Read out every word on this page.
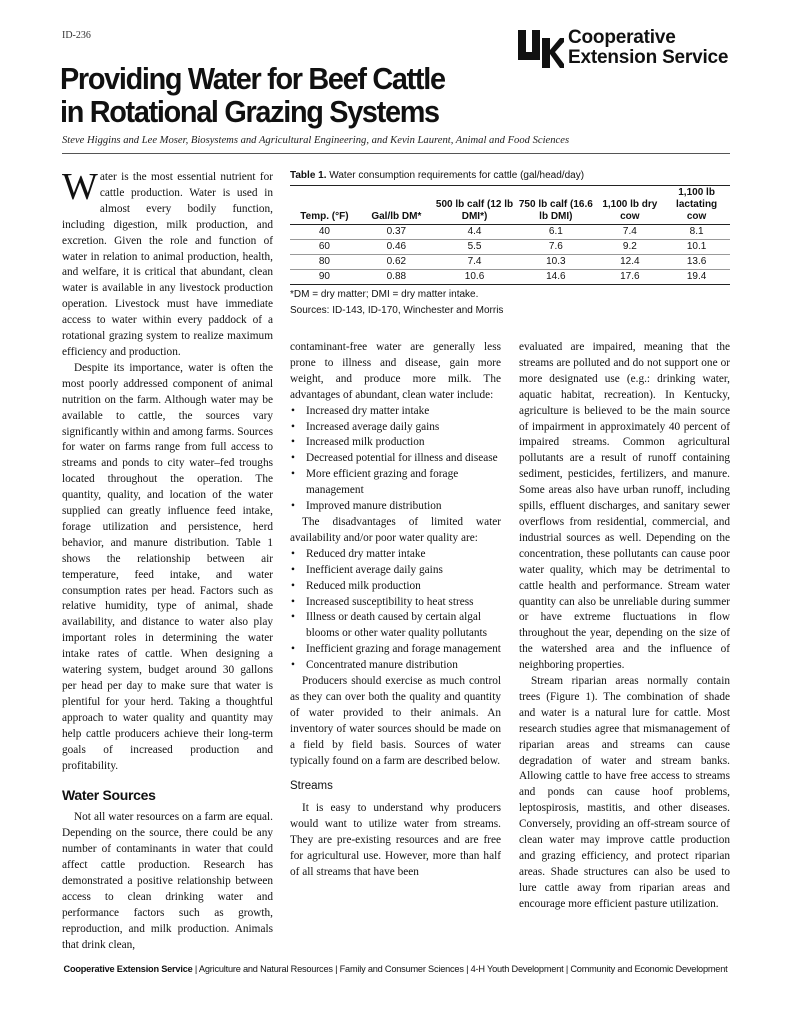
ID-236	Cooperative
Extension Service
Providing Water for Beef Cattle
in Rotational Grazing Systems
Steve Higgins and Lee Moser, Biosystems and Agricultural Engineering, and Kevin Laurent, Animal and Food Sciences

Water is the most essential nutrient for cattle production. Water is used in almost every bodily function, including digestion, milk production, and excretion. Given the role and function of water in relation to animal production, health, and welfare, it is critical that abundant, clean water is available in any livestock production operation. Livestock must have immediate access to water within every paddock of a rotational grazing system to realize maximum efficiency and production.

Despite its importance, water is often the most poorly addressed component of animal nutrition on the farm. Although water may be available to cattle, the sources vary significantly within and among farms. Sources for water on farms range from full access to streams and ponds to city water–fed troughs located throughout the operation. The quantity, quality, and location of the water supplied can greatly influence feed intake, forage utilization and persistence, herd behavior, and manure distribution. Table 1 shows the relationship between air temperature, feed intake, and water consumption rates per head. Factors such as relative humidity, type of animal, shade availability, and distance to water also play important roles in determining the water intake rates of cattle. When designing a watering system, budget around 30 gallons per head per day to make sure that water is plentiful for your herd. Taking a thoughtful approach to water quality and quantity may help cattle producers achieve their long-term goals of increased production and profitability.

Water Sources

Not all water resources on a farm are equal. Depending on the source, there could be any number of contaminants in water that could affect cattle production. Research has demonstrated a positive relationship between access to clean drinking water and performance factors such as growth, reproduction, and milk production. Animals that drink clean,

Table 1. Water consumption requirements for cattle (gal/head/day)
Temp. (°F)	Gal/lb DM*	500 lb calf (12 lb DMI*)	750 lb calf (16.6 lb DMI)	1,100 lb dry cow	1,100 lb lactating cow
40	0.37	4.4	6.1	7.4	8.1
60	0.46	5.5	7.6	9.2	10.1
80	0.62	7.4	10.3	12.4	13.6
90	0.88	10.6	14.6	17.6	19.4
*DM = dry matter; DMI = dry matter intake.
Sources: ID-143, ID-170, Winchester and Morris

contaminant-free water are generally less prone to illness and disease, gain more weight, and produce more milk. The advantages of abundant, clean water include:

• Increased dry matter intake
• Increased average daily gains
• Increased milk production
• Decreased potential for illness and disease
• More efficient grazing and forage management
• Improved manure distribution

The disadvantages of limited water availability and/or poor water quality are:

• Reduced dry matter intake
• Inefficient average daily gains
• Reduced milk production
• Increased susceptibility to heat stress
• Illness or death caused by certain algal blooms or other water quality pollutants
• Inefficient grazing and forage management
• Concentrated manure distribution

Producers should exercise as much control as they can over both the quality and quantity of water provided to their animals. An inventory of water sources should be made on a field by field basis. Sources of water typically found on a farm are described below.

Streams

It is easy to understand why producers would want to utilize water from streams. They are pre-existing resources and are free for agricultural use. However, more than half of all streams that have been

evaluated are impaired, meaning that the streams are polluted and do not support one or more designated use (e.g.: drinking water, aquatic habitat, recreation). In Kentucky, agriculture is believed to be the main source of impairment in approximately 40 percent of impaired streams. Common agricultural pollutants are a result of runoff containing sediment, pesticides, fertilizers, and manure. Some areas also have urban runoff, including spills, effluent discharges, and sanitary sewer overflows from residential, commercial, and industrial sources as well. Depending on the concentration, these pollutants can cause poor water quality, which may be detrimental to cattle health and performance. Stream water quantity can also be unreliable during summer or have extreme fluctuations in flow throughout the year, depending on the size of the watershed area and the influence of neighboring properties.

Stream riparian areas normally contain trees (Figure 1). The combination of shade and water is a natural lure for cattle. Most research studies agree that mismanagement of riparian areas and streams can cause degradation of water and stream banks. Allowing cattle to have free access to streams and ponds can cause hoof problems, leptospirosis, mastitis, and other diseases. Conversely, providing an off-stream source of clean water may improve cattle production and grazing efficiency, and protect riparian areas. Shade structures can also be used to lure cattle away from riparian areas and encourage more efficient pasture utilization.

Cooperative Extension Service | Agriculture and Natural Resources | Family and Consumer Sciences | 4-H Youth Development | Community and Economic Development
